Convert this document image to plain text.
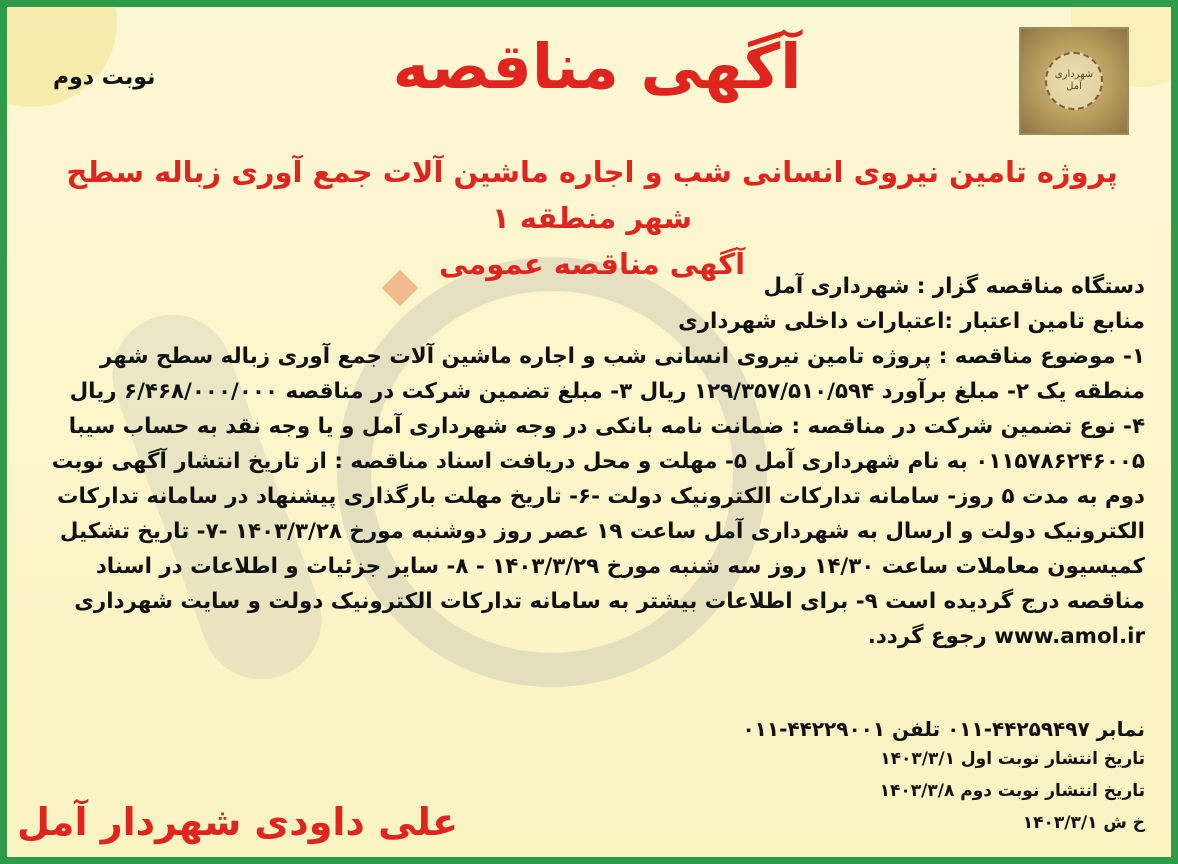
شهرداری آمل
نوبت دوم	آگهی مناقصه
پروژه تامین نیروی انسانی شب و اجاره ماشین آلات جمع آوری زباله سطح شهر منطقه ۱
آگهی مناقصه عمومی

دستگاه مناقصه گزار : شهرداری آمل

منابع تامین اعتبار :اعتبارات داخلی شهرداری

۱- موضوع مناقصه : پروژه تامین نیروی انسانی شب و اجاره ماشین آلات جمع آوری زباله سطح شهر منطقه یک ۲- مبلغ برآورد ۱۲۹/۳۵۷/۵۱۰/۵۹۴ ریال ۳- مبلغ تضمین شرکت در مناقصه ۶/۴۶۸/۰۰۰/۰۰۰ ریال ۴- نوع تضمین شرکت در مناقصه : ضمانت نامه بانکی در وجه شهرداری آمل و یا وجه نقد به حساب سیبا ۰۱۱۵۷۸۶۲۴۶۰۰۵ به نام شهرداری آمل ۵- مهلت و محل دریافت اسناد مناقصه : از تاریخ انتشار آگهی نوبت دوم به مدت ۵ روز- سامانه تدارکات الکترونیک دولت -۶- تاریخ مهلت بارگذاری پیشنهاد در سامانه تدارکات الکترونیک دولت و ارسال به شهرداری آمل ساعت ۱۹ عصر روز دوشنبه مورخ ۱۴۰۳/۳/۲۸ -۷- تاریخ تشکیل کمیسیون معاملات ساعت ۱۴/۳۰ روز سه شنبه مورخ ۱۴۰۳/۳/۲۹ - ۸- سایر جزئیات و اطلاعات در اسناد مناقصه درج گردیده است ۹- برای اطلاعات بیشتر به سامانه تدارکات الکترونیک دولت و سایت شهرداری www.amol.ir رجوع گردد.

نمابر ۴۴۲۵۹۴۹۷-۰۱۱ تلفن ۴۴۲۲۹۰۰۱-۰۱۱

تاریخ انتشار نوبت اول ۱۴۰۳/۳/۱

تاریخ انتشار نوبت دوم ۱۴۰۳/۳/۸

خ ش ۱۴۰۳/۳/۱

علی داودی شهردار آمل
